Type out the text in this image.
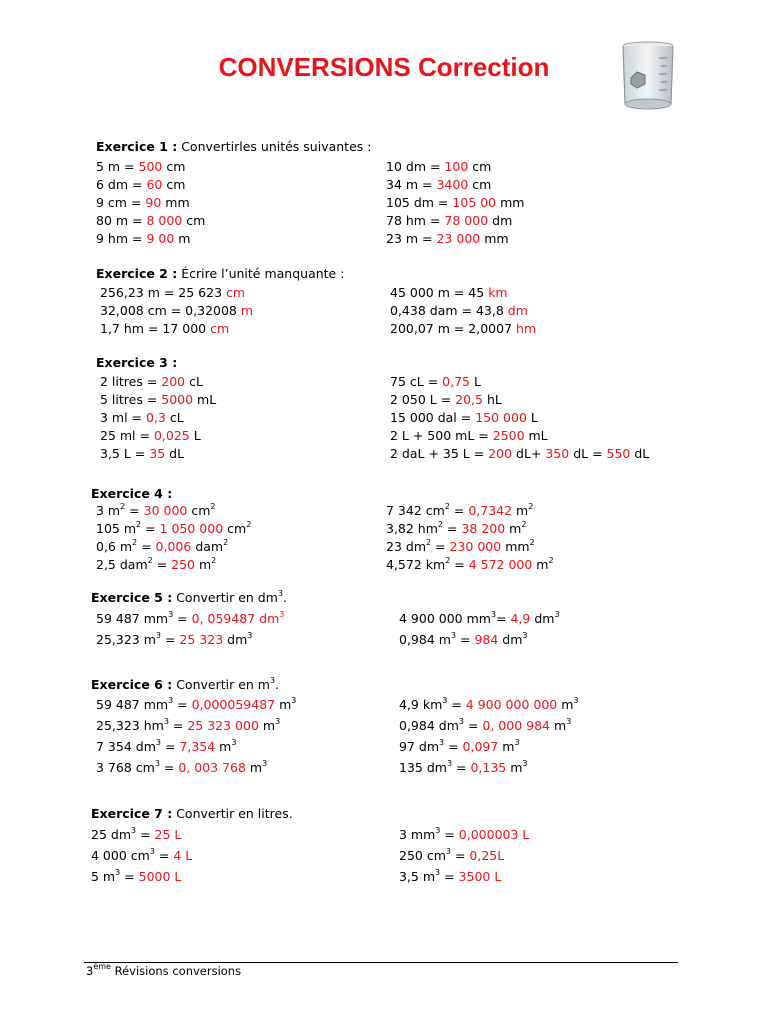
CONVERSIONS Correction
Exercice 1 : Convertirles unités suivantes :
5 m = 500 cm
6 dm = 60 cm
9 cm = 90 mm
80 m = 8 000 cm
9 hm = 9 00 m
10 dm = 100 cm
34 m = 3400 cm
105 dm = 105 00 mm
78 hm = 78 000 dm
23 m = 23 000 mm
Exercice 2 : Écrire l’unité manquante :
256,23 m = 25 623 cm
32,008 cm = 0,32008 m
1,7 hm = 17 000 cm
45 000 m = 45 km
0,438 dam = 43,8 dm
200,07 m = 2,0007 hm
Exercice 3 :
2 litres = 200 cL
5 litres = 5000 mL
3 ml = 0,3 cL
25 ml = 0,025 L
3,5 L = 35 dL
75 cL = 0,75 L
2 050 L = 20,5 hL
15 000 dal = 150 000 L
2 L + 500 mL = 2500 mL
2 daL + 35 L = 200 dL+ 350 dL = 550 dL
Exercice 4 :
3 $m^2 = 30$ 000 $cm^2$
105 $m^2 = 1$ 050 000 $cm^2$
0,6 $m^2 = 0,006$ dam$^2$
2,5 dam$^2$ = 250 $m^2$
7 342 $cm^2 = 0,7342$ $m^2$
3,82 $hm^2 = 38$ 200 $m^2$
23 $dm^2 = 230$ 000 $mm^2$
4,572 $km^2 = 4$ 572 000 $m^2$
Exercice 5 : Convertir en $dm^3$.
59 487 $mm^3 = 0$, 059487 $dm^3$
25,323 $m^3 = 25$ 323 $dm^3$
4 900 000 $mm^3= 4,9$ $dm^3$
0,984 $m^3 = 984$ $dm^3$
Exercice 6 : Convertir en $m^3$.
59 487 $mm^3 = 0,000059487$ $m^3$
25,323 $hm^3 = 25$ 323 000 $m^3$
7 354 $dm^3 = 7,354$ $m^3$
3 768 $cm^3 = 0$, 003 768 $m^3$
4,9 $km^3 = 4$ 900 000 000 $m^3$
0,984 $dm^3 = 0$, 000 984 $m^3$
97 $dm^3 = 0,097$ $m^3$
135 $dm^3 = 0,135$ $m^3$
Exercice 7 : Convertir en litres.
25 $dm^3 = 25$ L
4 000 $cm^3 = 4$ L
5 $m^3 = 5000$ L
3 $mm^3 = 0,000003$ L
250 $cm^3 = 0,25L$
3,5 $m^3 = 3500$ L
3ème Révisions conversions
